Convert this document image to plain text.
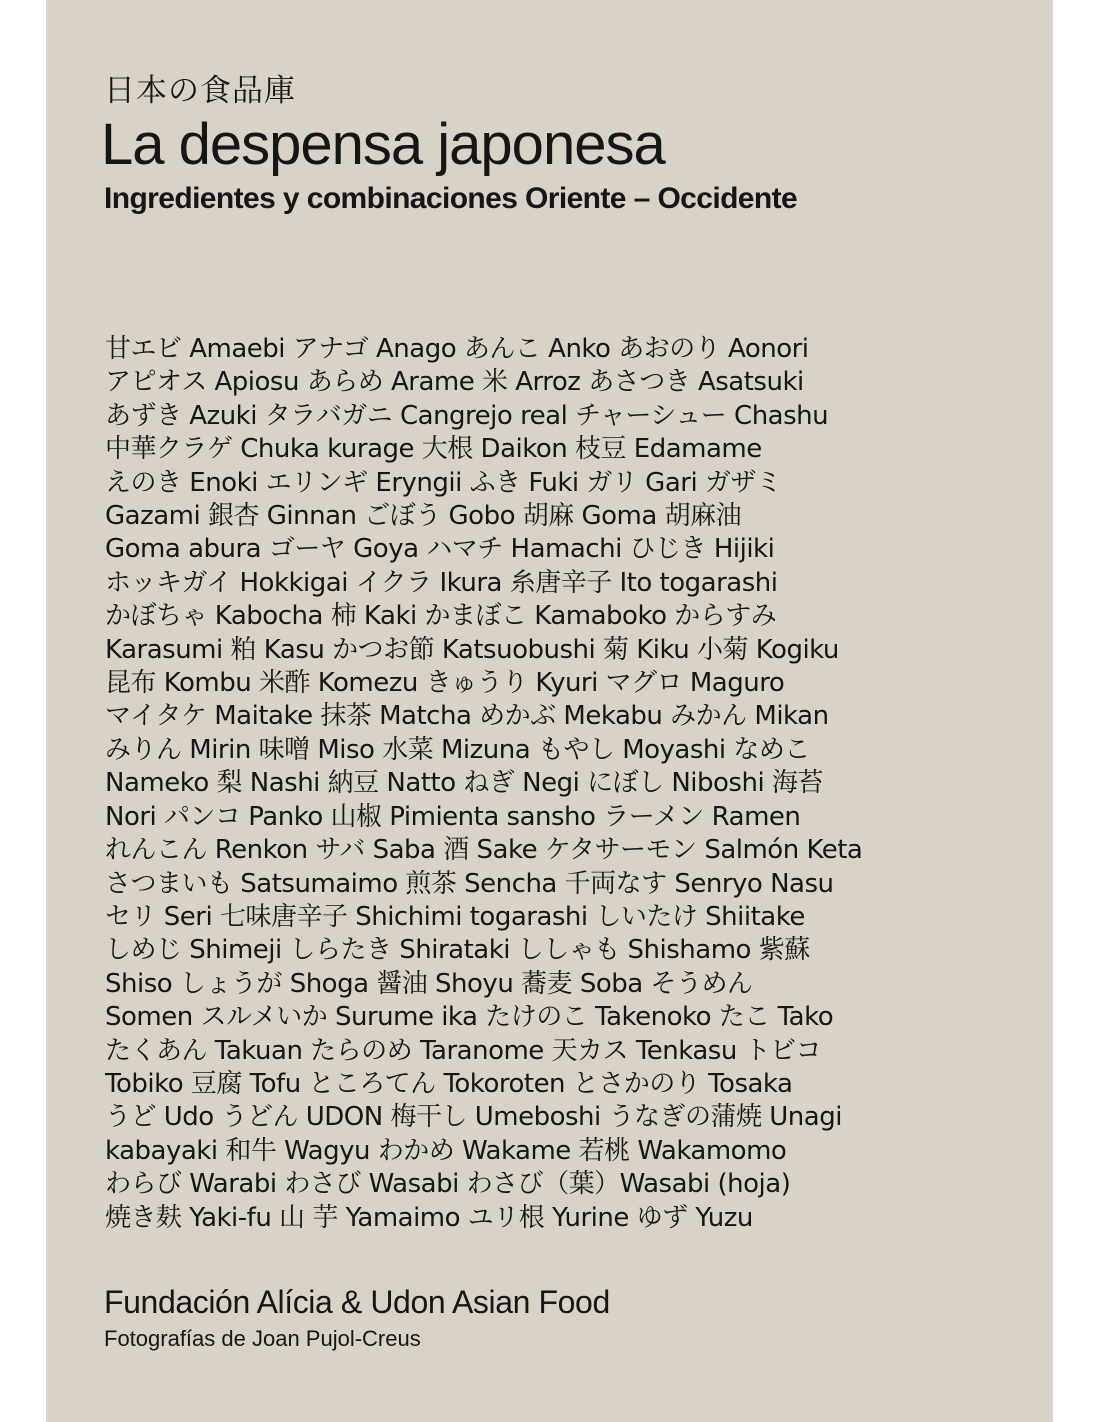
日本の食品庫
La despensa japonesa
Ingredientes y combinaciones Oriente – Occidente
甘エビ Amaebi アナゴ Anago あんこ Anko あおのり Aonori
アピオス Apiosu あらめ Arame 米 Arroz あさつき Asatsuki
あずき Azuki タラバガニ Cangrejo real チャーシュー Chashu
中華クラゲ Chuka kurage 大根 Daikon 枝豆 Edamame
えのき Enoki エリンギ Eryngii ふき Fuki ガリ Gari ガザミ
Gazami 銀杏 Ginnan ごぼう Gobo 胡麻 Goma 胡麻油
Goma abura ゴーヤ Goya ハマチ Hamachi ひじき Hijiki
ホッキガイ Hokkigai イクラ Ikura 糸唐辛子 Ito togarashi
かぼちゃ Kabocha 柿 Kaki かまぼこ Kamaboko からすみ
Karasumi 粕 Kasu かつお節 Katsuobushi 菊 Kiku 小菊 Kogiku
昆布 Kombu 米酢 Komezu きゅうり Kyuri マグロ Maguro
マイタケ Maitake 抹茶 Matcha めかぶ Mekabu みかん Mikan
みりん Mirin 味噌 Miso 水菜 Mizuna もやし Moyashi なめこ
Nameko 梨 Nashi 納豆 Natto ねぎ Negi にぼし Niboshi 海苔
Nori パンコ Panko 山椒 Pimienta sansho ラーメン Ramen
れんこん Renkon サバ Saba 酒 Sake ケタサーモン Salmón Keta
さつまいも Satsumaimo 煎茶 Sencha 千両なす Senryo Nasu
セリ Seri 七味唐辛子 Shichimi togarashi しいたけ Shiitake
しめじ Shimeji しらたき Shirataki ししゃも Shishamo 紫蘇
Shiso しょうが Shoga 醤油 Shoyu 蕎麦 Soba そうめん
Somen スルメいか Surume ika たけのこ Takenoko たこ Tako
たくあん Takuan たらのめ Taranome 天カス Tenkasu トビコ
Tobiko 豆腐 Tofu ところてん Tokoroten とさかのり Tosaka
うど Udo うどん UDON 梅干し Umeboshi うなぎの蒲焼 Unagi
kabayaki 和牛 Wagyu わかめ Wakame 若桃 Wakamomo
わらび Warabi わさび Wasabi わさび（葉）Wasabi (hoja)
焼き麸 Yaki-fu 山 芋 Yamaimo ユリ根 Yurine ゆず Yuzu

Fundación Alícia & Udon Asian Food

Fotografías de Joan Pujol-Creus
